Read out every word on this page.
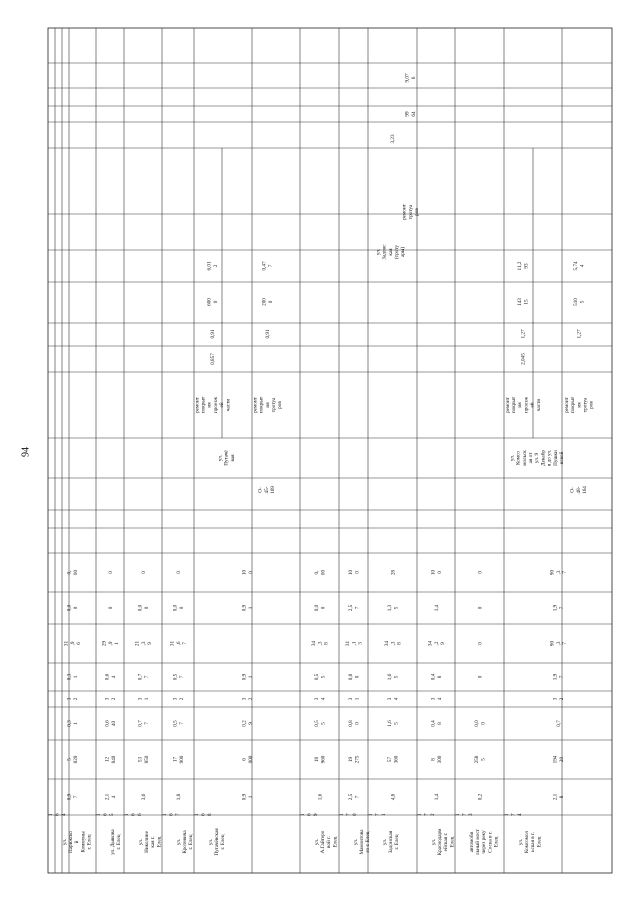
94
1 6 4
ул. Парижско й Коммуны г. Елец
0,9 7
5 820
0,3 1
3 2
0,3 1
31 ,9 6
0,0 0
0, 00
1 6 5
ул. Дьякова г. Елец
2,1 4
12 840
0,6 40
3 2
0,6 4
29 ,9 1
0
0
1 6 6
ул. Николине кая г. Елец
3,6
53 850
0,7 7
3 1
0,7 7
21 ,3 9
0,0 0
0
1 6 7
ул. Кротевича г. Елец
1,8
17 900
0,5 7
3 2
0,5 7
31 ,6 7
0,0 0
0
1 6 8
ул. Пугачёвская г. Елец
0,9 1
6 000
0,2 9
3 2
0,9 1
0,9 1
10 0
О- 45- 169
ул. Пугачё вая
ремонт покрыт ия проезж ей части
0,857
0,91
600 0
6,01 2
ремонт покрыт ия тротуа ров
0,91
200 0
0,47 7
1 6 9
ул. А.Гайтеро вой г. Елец
1,6
18 960
0,5 5
3 4
0,5 5
34 ,3 8
0,0 0
0, 00
1 7 0
ул. Мамонтова го г. Елец
2,5 7
19 275
0,8 0
3 1
0,8 0
31 ,1 3
2,5 7
10 0
1 7 1
ул. Задонская г. Елец
4,8
57 360
1,6 5
3 4
1,6 5
34 ,3 8
1,3 5
28
ул. Задонс кая (троту ары)
ремонт тротуа ров
3,23
99 64
9,07 6
1 7 2
ул. Краснодарм ейская г. Елец
1,4
8 300
0,4 8
3 4
0,4 8
34 ,2 9
1,4
10 0
1 7 3
автомоби льный мост через реку Сосна в г. Елец
0,2
258 5
0,0 0
0
0
0
0
1 7 4
ул. Комсомол ьская в г. Елец
2,1 8
194 20
0,7
3 2
1,9 7
90 ,3 7
1,9 7
90 ,3 7
О- 48- 164
ул. Комсо мольск ая от ул. 9 Декабр я до ул. Пушки нской
ремонт покрыт ия проезж ей части
2,045
1,27
143 15
11,2 93
ремонт покрыт ия тротуа ров
1,27
510 5
5,74 4
